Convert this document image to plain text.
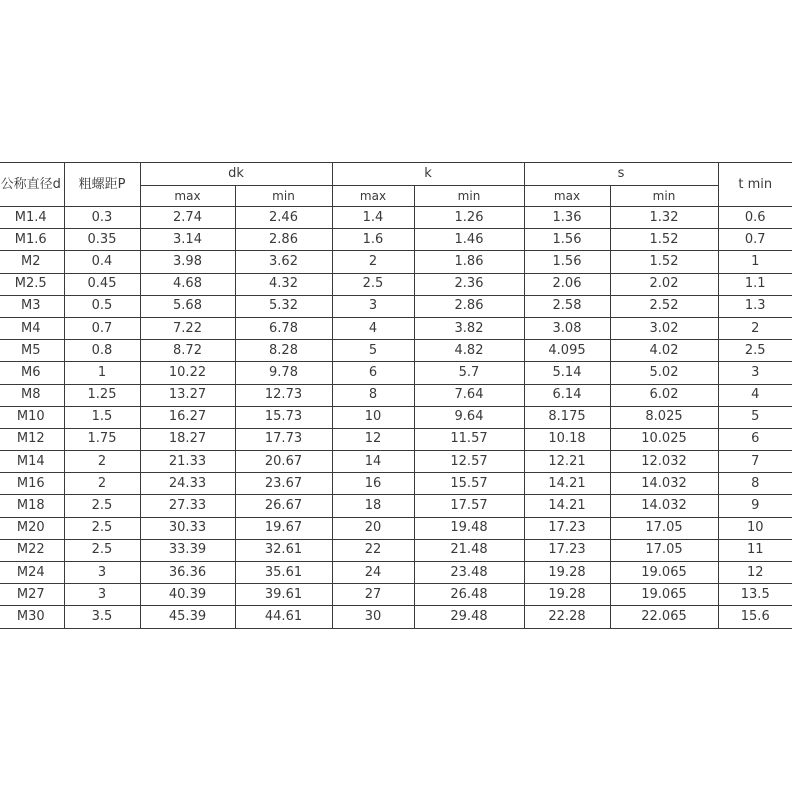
公称直径d	粗螺距P	dk		k		s		t min
		max	min	max	min	max	min	
M1.4	0.3	2.74	2.46	1.4	1.26	1.36	1.32	0.6
M1.6	0.35	3.14	2.86	1.6	1.46	1.56	1.52	0.7
M2	0.4	3.98	3.62	2	1.86	1.56	1.52	1
M2.5	0.45	4.68	4.32	2.5	2.36	2.06	2.02	1.1
M3	0.5	5.68	5.32	3	2.86	2.58	2.52	1.3
M4	0.7	7.22	6.78	4	3.82	3.08	3.02	2
M5	0.8	8.72	8.28	5	4.82	4.095	4.02	2.5
M6	1	10.22	9.78	6	5.7	5.14	5.02	3
M8	1.25	13.27	12.73	8	7.64	6.14	6.02	4
M10	1.5	16.27	15.73	10	9.64	8.175	8.025	5
M12	1.75	18.27	17.73	12	11.57	10.18	10.025	6
M14	2	21.33	20.67	14	12.57	12.21	12.032	7
M16	2	24.33	23.67	16	15.57	14.21	14.032	8
M18	2.5	27.33	26.67	18	17.57	14.21	14.032	9
M20	2.5	30.33	19.67	20	19.48	17.23	17.05	10
M22	2.5	33.39	32.61	22	21.48	17.23	17.05	11
M24	3	36.36	35.61	24	23.48	19.28	19.065	12
M27	3	40.39	39.61	27	26.48	19.28	19.065	13.5
M30	3.5	45.39	44.61	30	29.48	22.28	22.065	15.6
